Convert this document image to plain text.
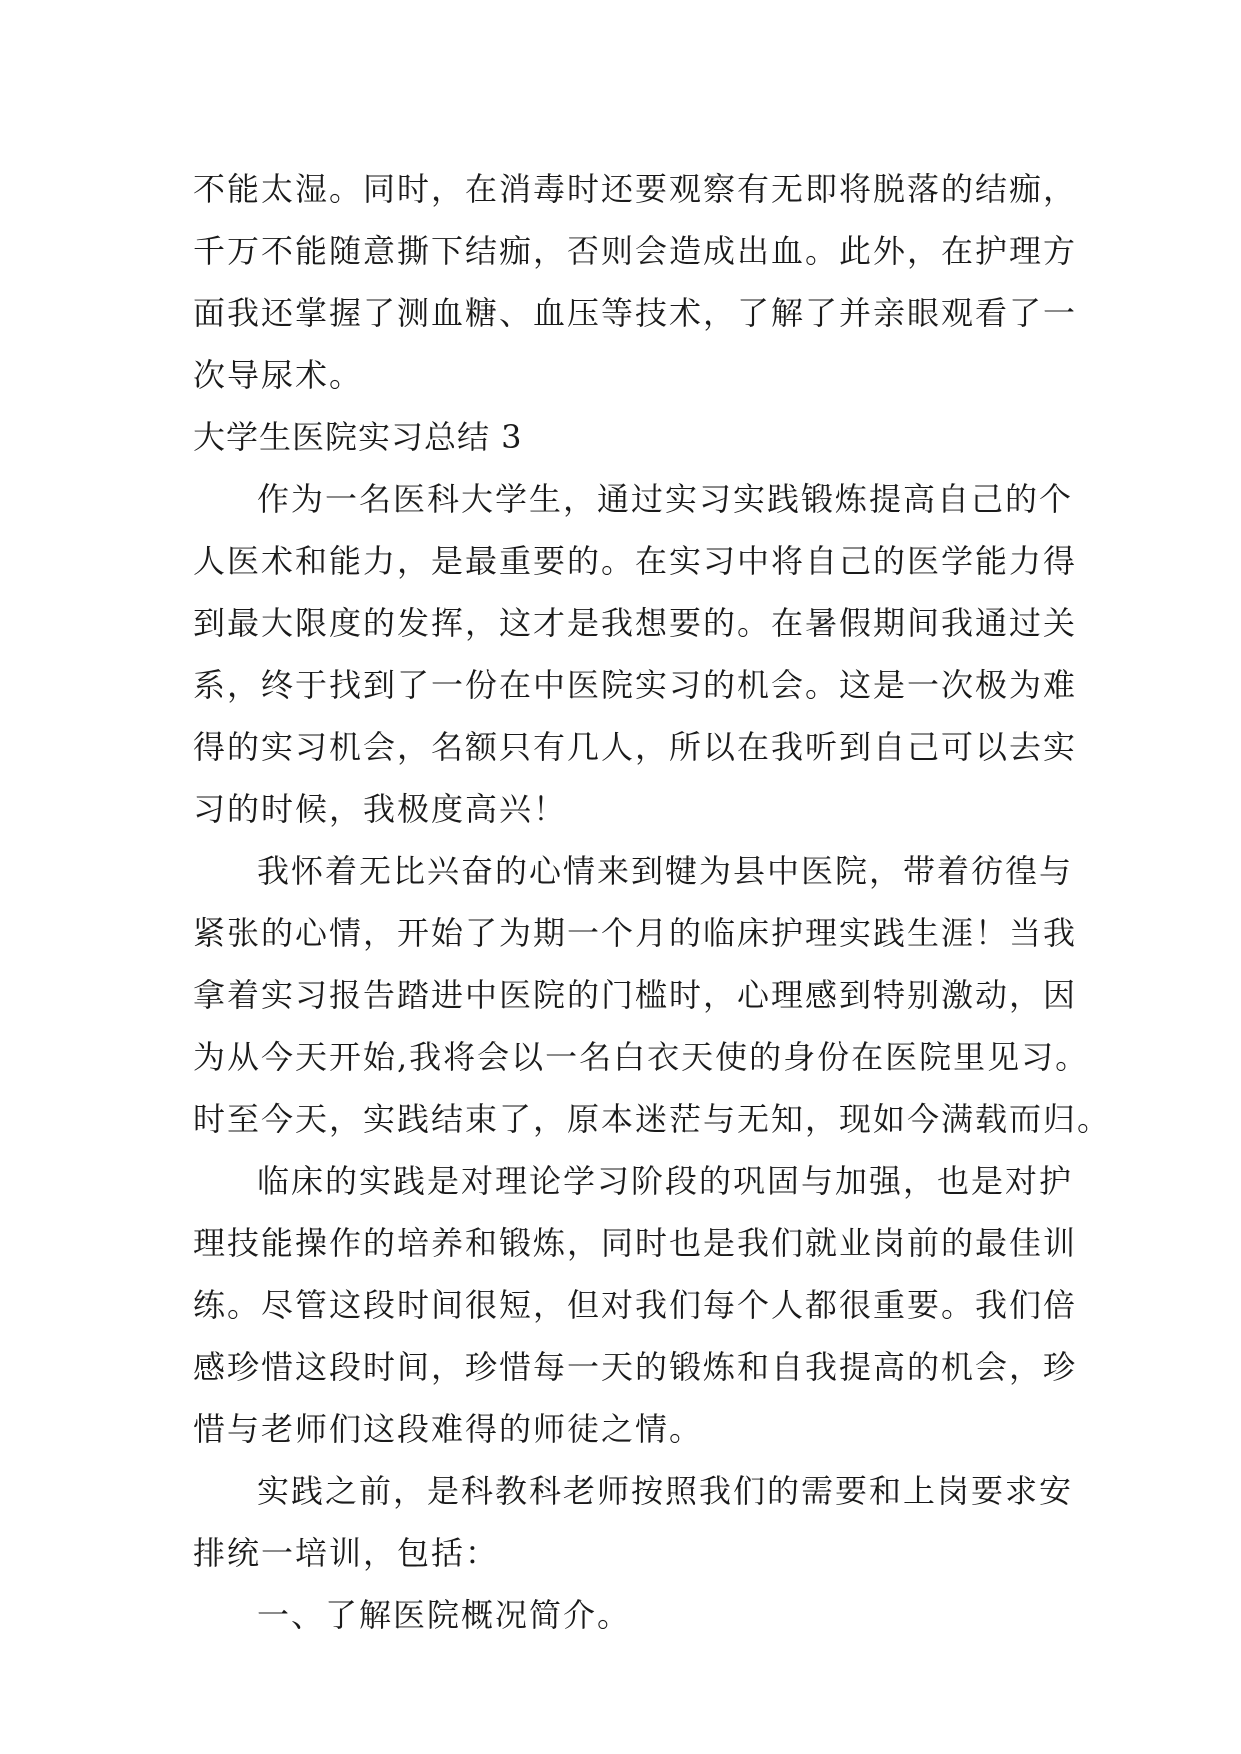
不能太湿。同时，在消毒时还要观察有无即将脱落的结痂，
千万不能随意撕下结痂，否则会造成出血。此外，在护理方
面我还掌握了测血糖、血压等技术，了解了并亲眼观看了一
次导尿术。
大学生医院实习总结 3
作为一名医科大学生，通过实习实践锻炼提高自己的个
人医术和能力，是最重要的。在实习中将自己的医学能力得
到最大限度的发挥，这才是我想要的。在暑假期间我通过关
系，终于找到了一份在中医院实习的机会。这是一次极为难
得的实习机会，名额只有几人，所以在我听到自己可以去实
习的时候，我极度高兴！
我怀着无比兴奋的心情来到犍为县中医院，带着彷徨与
紧张的心情，开始了为期一个月的临床护理实践生涯！当我
拿着实习报告踏进中医院的门槛时，心理感到特别激动，因
为从今天开始,我将会以一名白衣天使的身份在医院里见习。
时至今天，实践结束了，原本迷茫与无知，现如今满载而归。
临床的实践是对理论学习阶段的巩固与加强，也是对护
理技能操作的培养和锻炼，同时也是我们就业岗前的最佳训
练。尽管这段时间很短，但对我们每个人都很重要。我们倍
感珍惜这段时间，珍惜每一天的锻炼和自我提高的机会，珍
惜与老师们这段难得的师徒之情。
实践之前，是科教科老师按照我们的需要和上岗要求安
排统一培训，包括：
一、了解医院概况简介。
